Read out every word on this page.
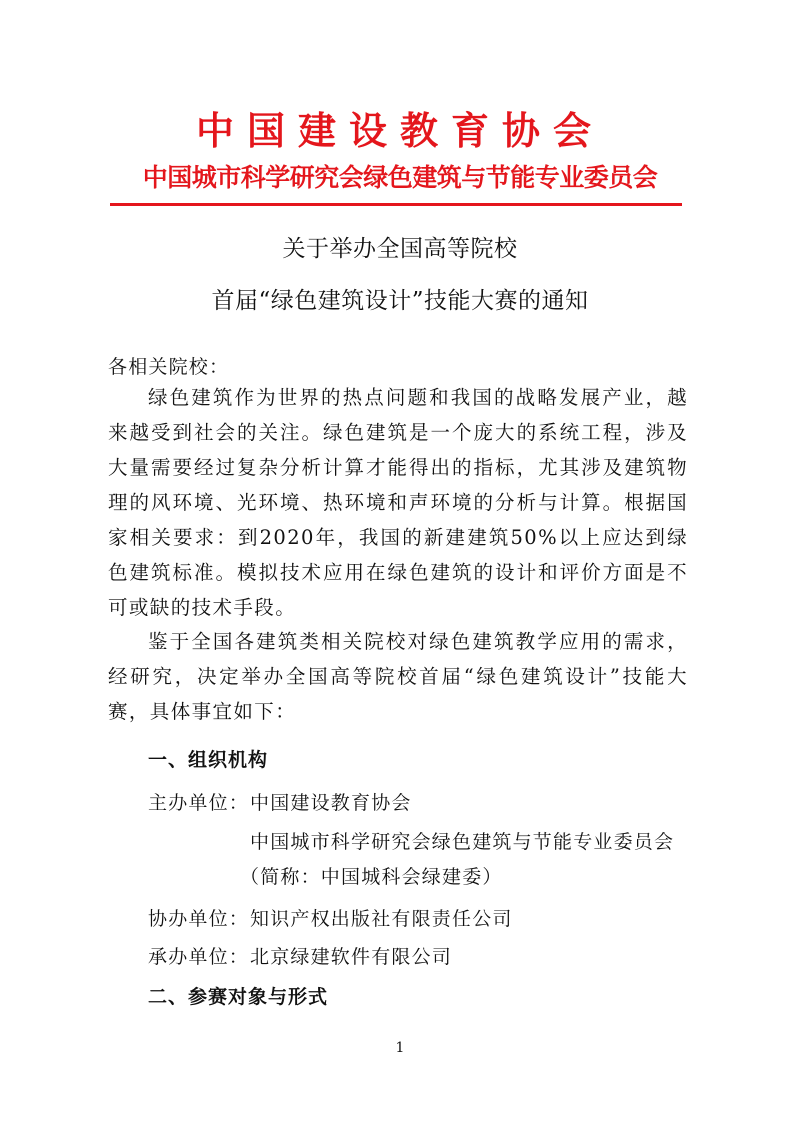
中国建设教育协会
中国城市科学研究会绿色建筑与节能专业委员会
关于举办全国高等院校
首届“绿色建筑设计”技能大赛的通知
各相关院校：
绿色建筑作为世界的热点问题和我国的战略发展产业，越来越受到社会的关注。绿色建筑是一个庞大的系统工程，涉及大量需要经过复杂分析计算才能得出的指标，尤其涉及建筑物理的风环境、光环境、热环境和声环境的分析与计算。根据国家相关要求：到2020年，我国的新建建筑50%以上应达到绿色建筑标准。模拟技术应用在绿色建筑的设计和评价方面是不可或缺的技术手段。
鉴于全国各建筑类相关院校对绿色建筑教学应用的需求，经研究，决定举办全国高等院校首届“绿色建筑设计”技能大赛，具体事宜如下：
一、组织机构
主办单位： 中国建设教育协会
中国城市科学研究会绿色建筑与节能专业委员会
（简称：中国城科会绿建委）
协办单位： 知识产权出版社有限责任公司
承办单位： 北京绿建软件有限公司
二、参赛对象与形式
1
